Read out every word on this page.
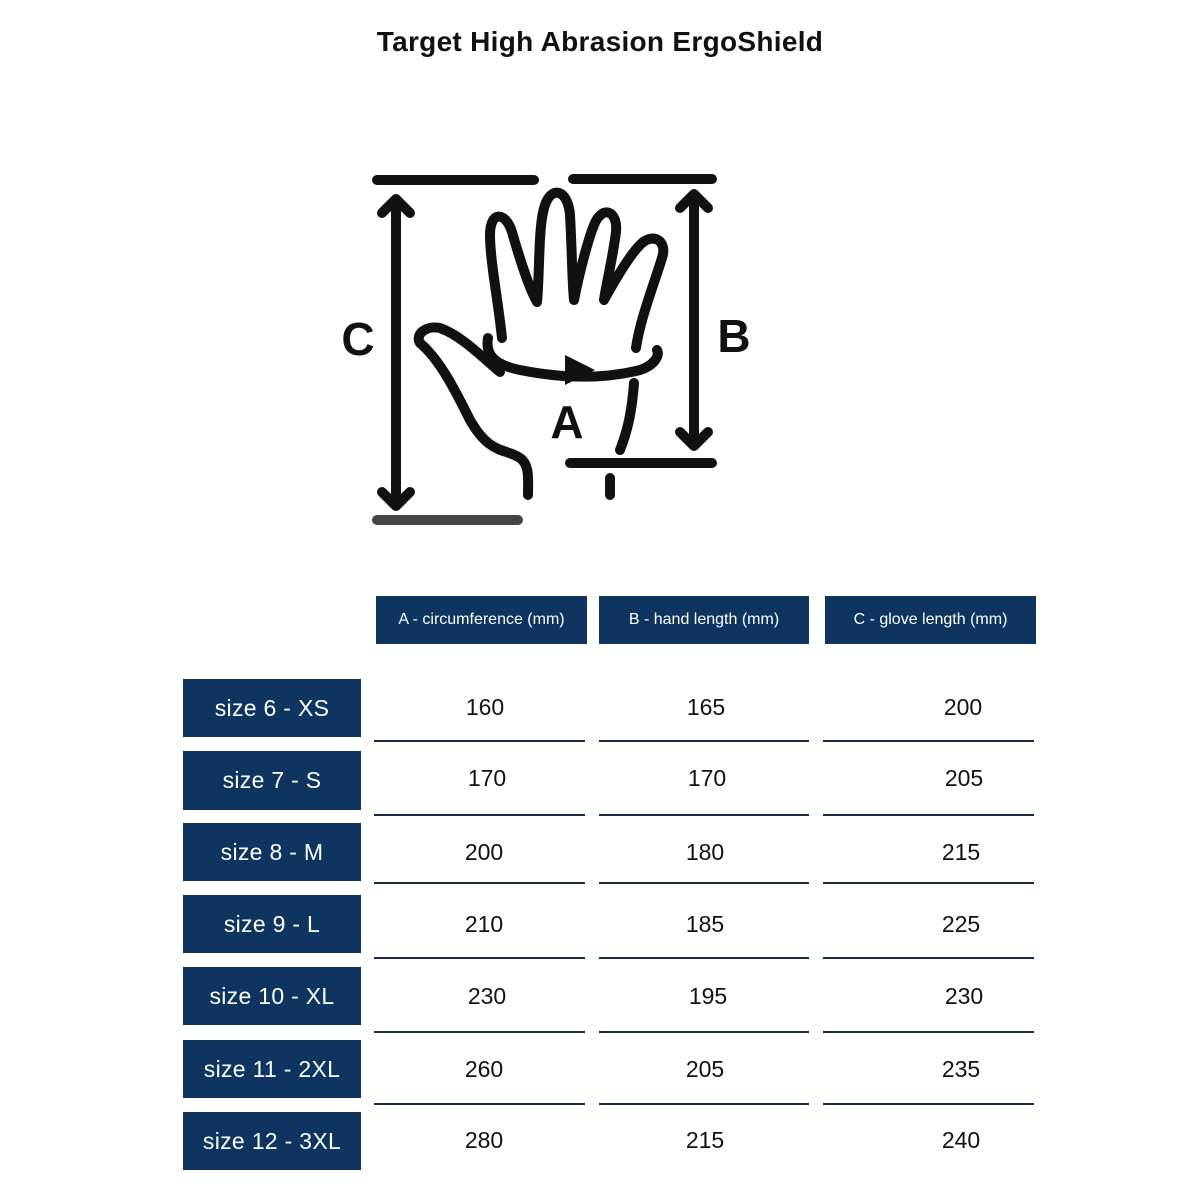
Target High Abrasion ErgoShield
C	B
A
A - circumference (mm)	B - hand length (mm)	C - glove length (mm)
size 6 - XS	160	165	200
size 7 - S	170	170	205
size 8 - M	200	180	215
size 9 - L	210	185	225
size 10 - XL	230	195	230
size 11 - 2XL	260	205	235
size 12 - 3XL	280	215	240
